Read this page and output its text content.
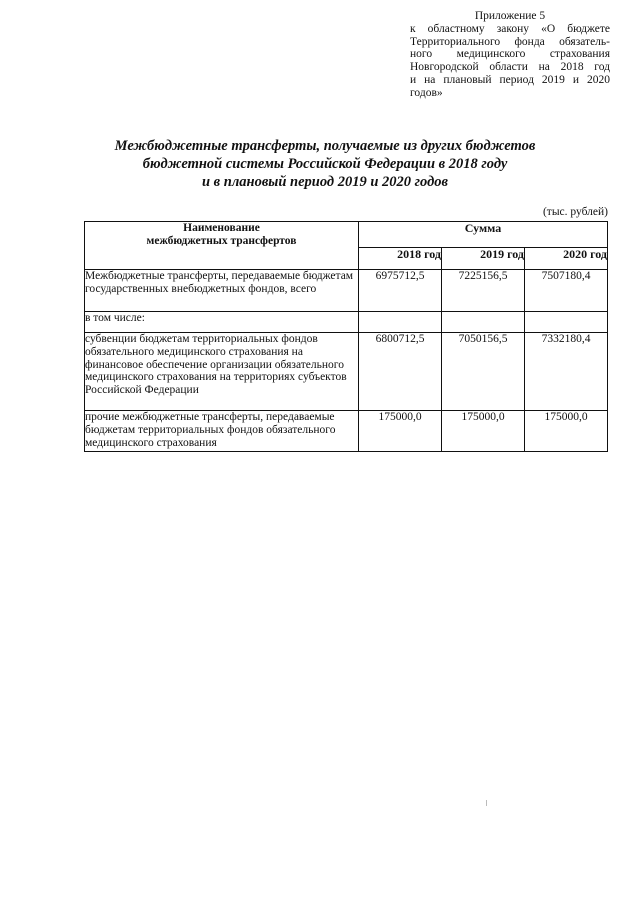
Приложение 5
к областному закону «О бюджете
Территориального фонда обязатель-
ного медицинского страхования
Новгородской области на 2018 год
и на плановый период 2019 и 2020
годов»
Межбюджетные трансферты, получаемые из других бюджетов
бюджетной системы Российской Федерации в 2018 году
и в плановый период 2019 и 2020 годов
(тыс. рублей)
Наименование
межбюджетных трансфертов	Сумма		
	2018 год	2019 год	2020 год
Межбюджетные трансферты, передаваемые бюджетам государственных внебюджетных фондов, всего	6975712,5	7225156,5	7507180,4
в том числе:			
субвенции бюджетам территориальных фондов обязательного медицинского страхования на финансовое обеспечение организации обязательного медицинского страхования на территориях субъектов Российской Федерации	6800712,5	7050156,5	7332180,4
прочие межбюджетные трансферты, передаваемые бюджетам территориальных фондов обязательного медицинского страхования	175000,0	175000,0	175000,0
